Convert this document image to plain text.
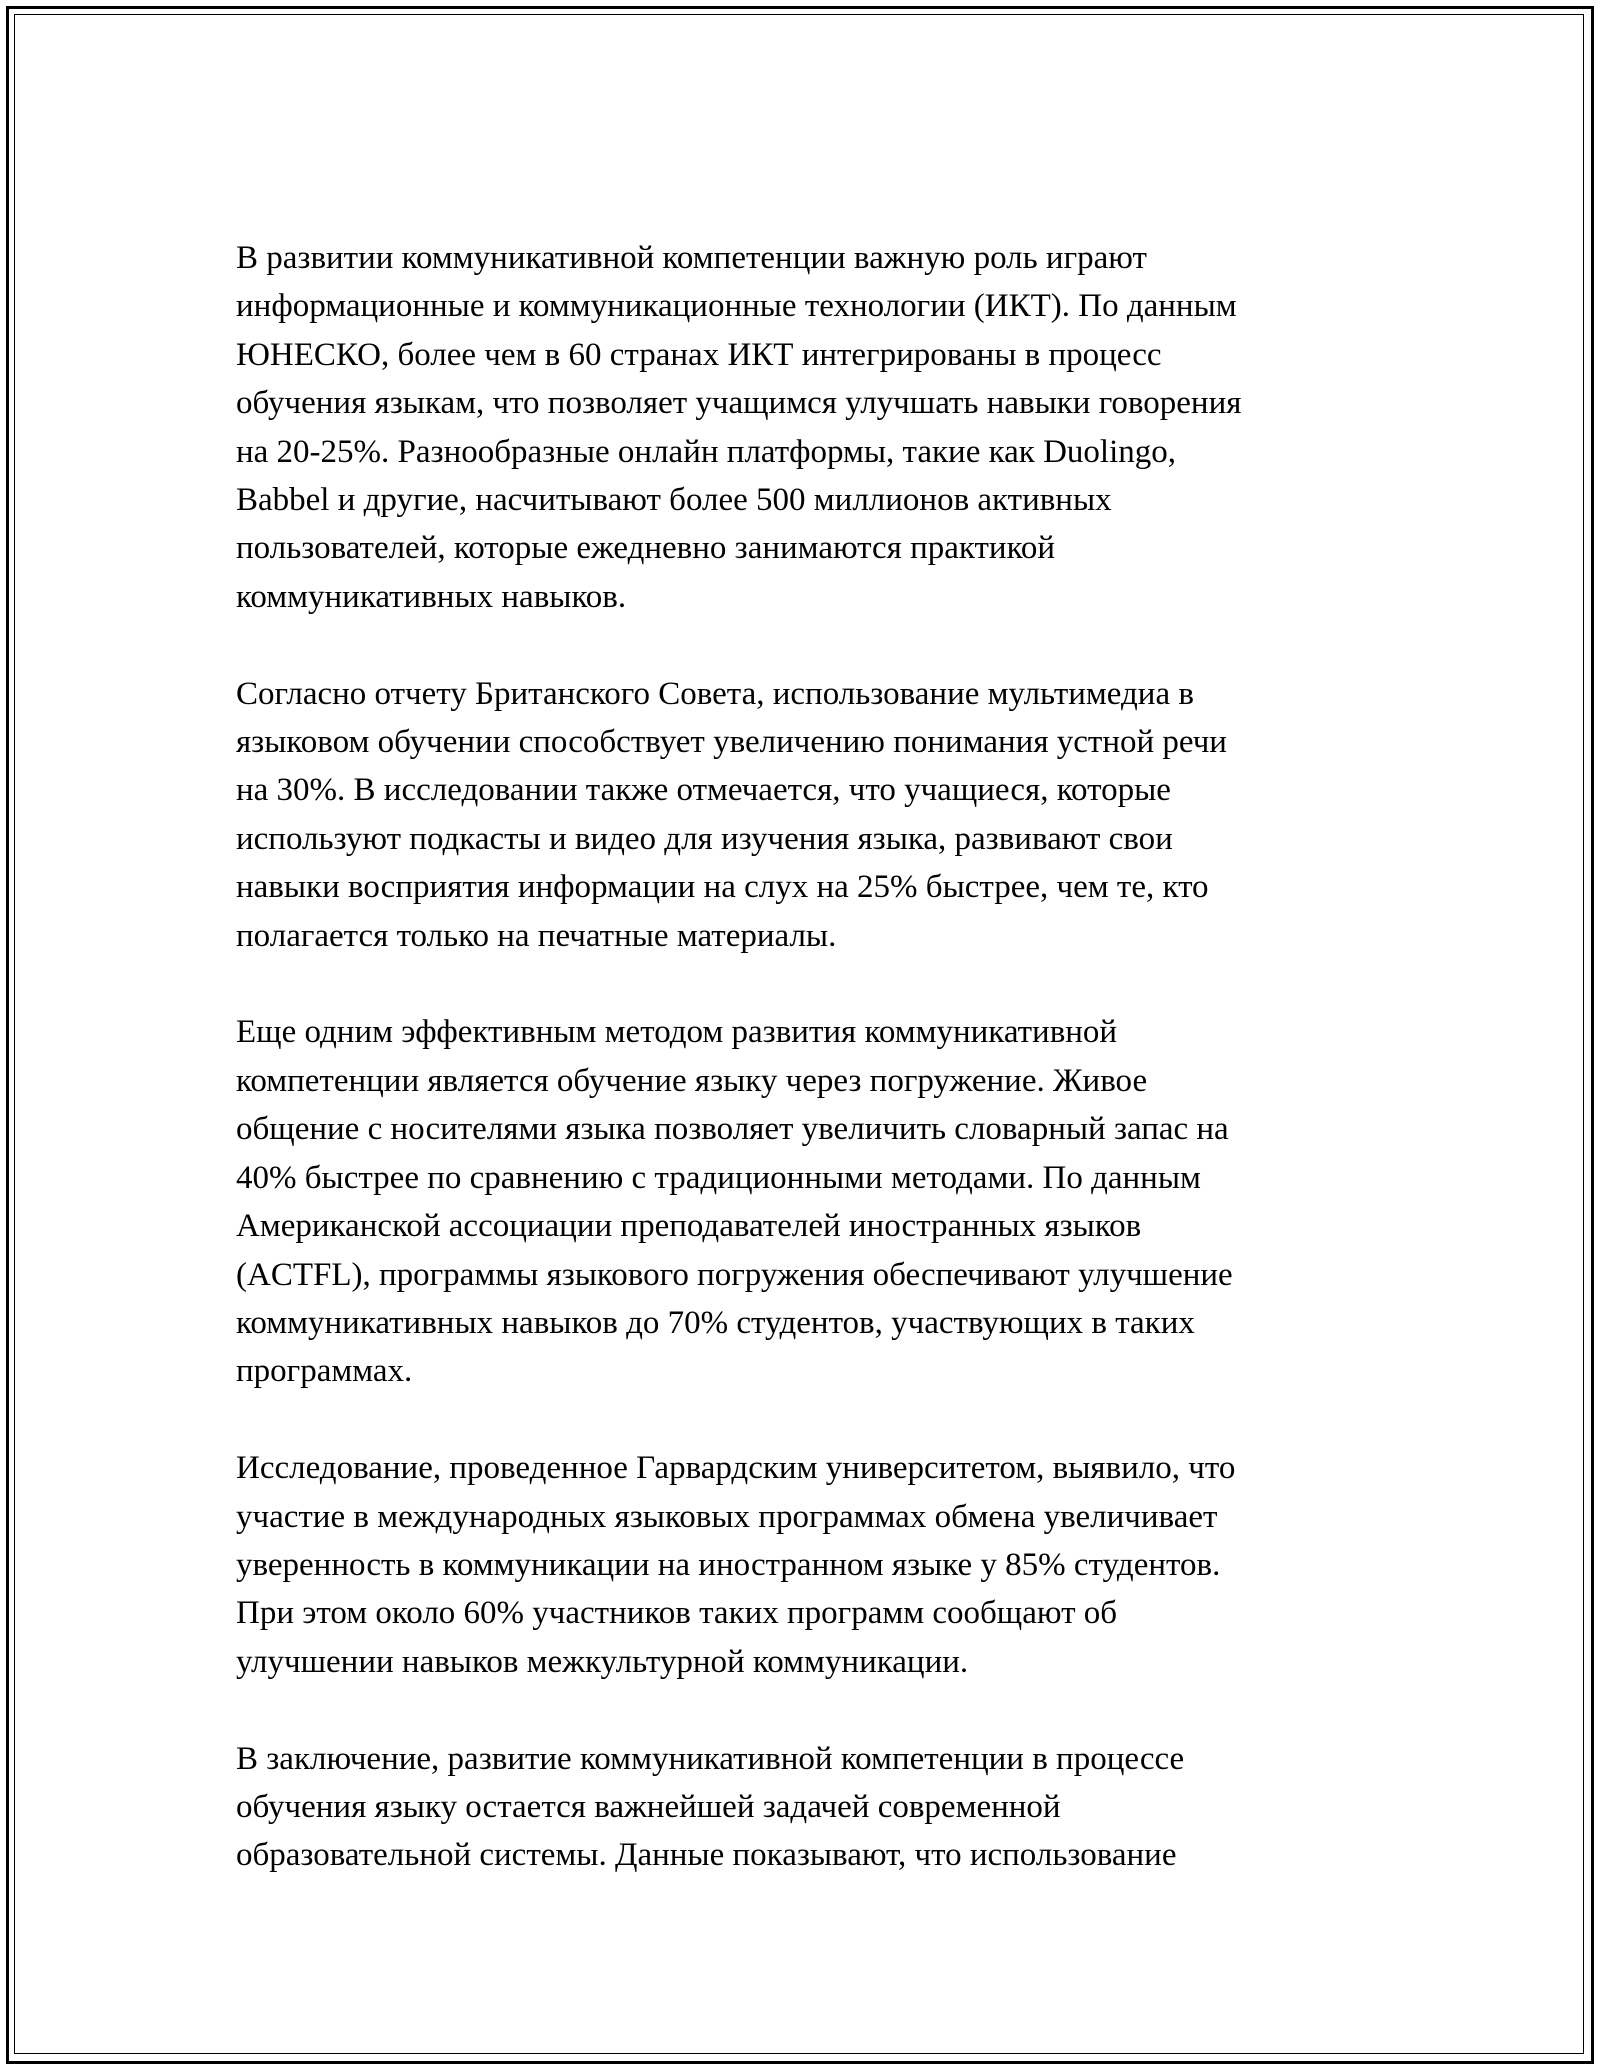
В развитии коммуникативной компетенции важную роль играют
информационные и коммуникационные технологии (ИКТ). По данным
ЮНЕСКО, более чем в 60 странах ИКТ интегрированы в процесс
обучения языкам, что позволяет учащимся улучшать навыки говорения
на 20-25%. Разнообразные онлайн платформы, такие как Duolingo,
Babbel и другие, насчитывают более 500 миллионов активных
пользователей, которые ежедневно занимаются практикой
коммуникативных навыков.

Согласно отчету Британского Совета, использование мультимедиа в
языковом обучении способствует увеличению понимания устной речи
на 30%. В исследовании также отмечается, что учащиеся, которые
используют подкасты и видео для изучения языка, развивают свои
навыки восприятия информации на слух на 25% быстрее, чем те, кто
полагается только на печатные материалы.

Еще одним эффективным методом развития коммуникативной
компетенции является обучение языку через погружение. Живое
общение с носителями языка позволяет увеличить словарный запас на
40% быстрее по сравнению с традиционными методами. По данным
Американской ассоциации преподавателей иностранных языков
(ACTFL), программы языкового погружения обеспечивают улучшение
коммуникативных навыков до 70% студентов, участвующих в таких
программах.

Исследование, проведенное Гарвардским университетом, выявило, что
участие в международных языковых программах обмена увеличивает
уверенность в коммуникации на иностранном языке у 85% студентов.
При этом около 60% участников таких программ сообщают об
улучшении навыков межкультурной коммуникации.

В заключение, развитие коммуникативной компетенции в процессе
обучения языку остается важнейшей задачей современной
образовательной системы. Данные показывают, что использование
